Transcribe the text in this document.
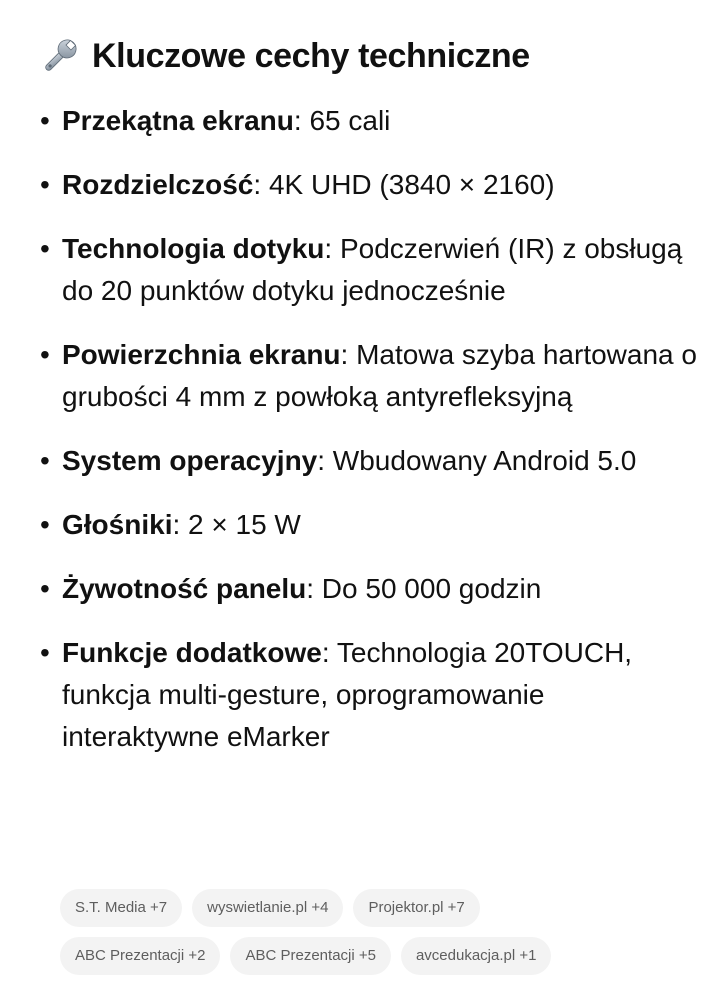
Kluczowe cechy techniczne
• Przekątna ekranu: 65 cali
• Rozdzielczość: 4K UHD (3840 × 2160)
• Technologia dotyku: Podczerwień (IR) z obsługą do 20 punktów dotyku jednocześnie
• Powierzchnia ekranu: Matowa szyba hartowana o grubości 4 mm z powłoką antyrefleksyjną
• System operacyjny: Wbudowany Android 5.0
• Głośniki: 2 × 15 W
• Żywotność panelu: Do 50 000 godzin
• Funkcje dodatkowe: Technologia 20TOUCH, funkcja multi-gesture, oprogramowanie interaktywne eMarker
S.T. Media +7	wyswietlanie.pl +4	Projektor.pl +7
ABC Prezentacji +2	ABC Prezentacji +5	avcedukacja.pl +1
